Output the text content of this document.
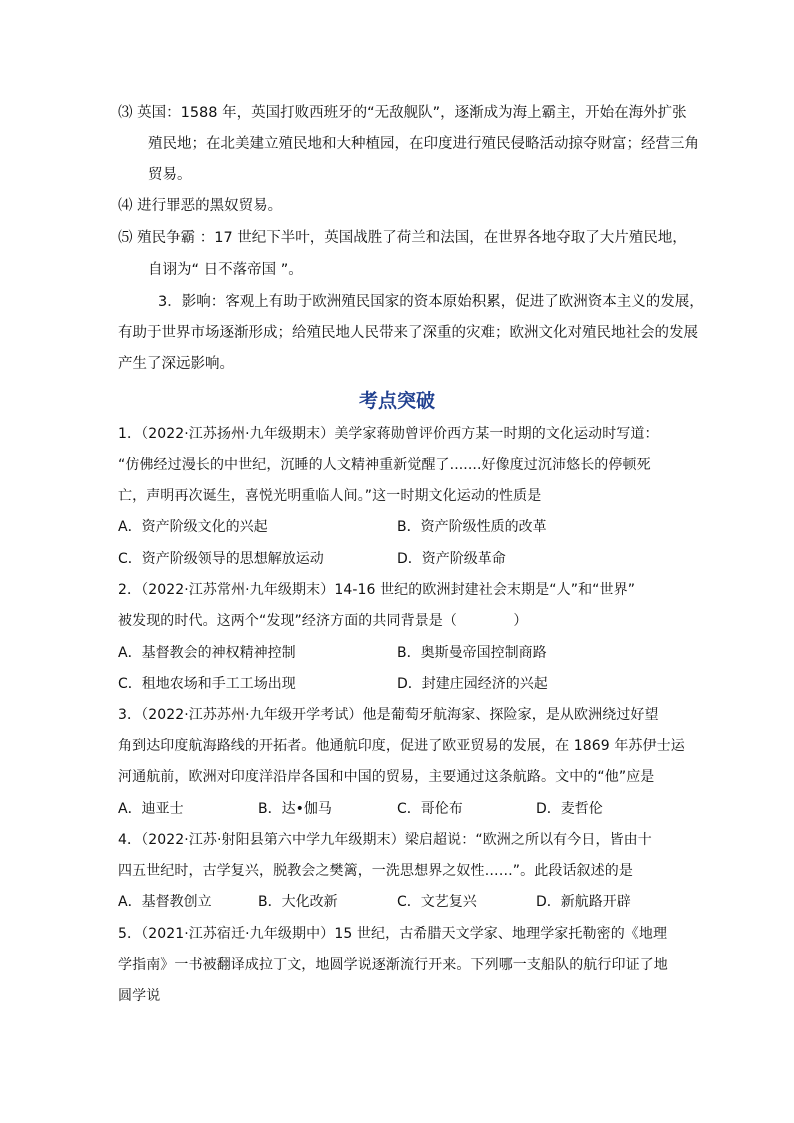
⑶ 英国：1588 年，英国打败西班牙的“无敌舰队”，逐渐成为海上霸主，开始在海外扩张
殖民地；在北美建立殖民地和大种植园，在印度进行殖民侵略活动掠夺财富；经营三角
贸易。
⑷ 进行罪恶的黑奴贸易。
⑸ 殖民争霸 ：17 世纪下半叶，英国战胜了荷兰和法国，在世界各地夺取了大片殖民地，
自诩为“ 日不落帝国 ”。
3．影响：客观上有助于欧洲殖民国家的资本原始积累，促进了欧洲资本主义的发展，
有助于世界市场逐渐形成；给殖民地人民带来了深重的灾难；欧洲文化对殖民地社会的发展
产生了深远影响。
考点突破
1．（2022·江苏扬州·九年级期末）美学家蒋勋曾评价西方某一时期的文化运动时写道：
“仿佛经过漫长的中世纪，沉睡的人文精神重新觉醒了.......好像度过沉沛悠长的停顿死
亡，声明再次诞生，喜悦光明重临人间。”这一时期文化运动的性质是
A．资产阶级文化的兴起	B．资产阶级性质的改革
C．资产阶级领导的思想解放运动	D．资产阶级革命
2．（2022·江苏常州·九年级期末）14-16 世纪的欧洲封建社会末期是“人”和“世界”
被发现的时代。这两个“发现”经济方面的共同背景是（　　　　）
A．基督教会的神权精神控制	B．奥斯曼帝国控制商路
C．租地农场和手工工场出现	D．封建庄园经济的兴起
3．（2022·江苏苏州·九年级开学考试）他是葡萄牙航海家、探险家，是从欧洲绕过好望
角到达印度航海路线的开拓者。他通航印度，促进了欧亚贸易的发展，在 1869 年苏伊士运
河通航前，欧洲对印度洋沿岸各国和中国的贸易，主要通过这条航路。文中的“他”应是
A．迪亚士	B．达•伽马	C．哥伦布	D．麦哲伦
4．（2022·江苏·射阳县第六中学九年级期末）梁启超说：“欧洲之所以有今日，皆由十
四五世纪时，古学复兴，脱教会之樊篱，一洗思想界之奴性……”。此段话叙述的是
A．基督教创立	B．大化改新	C．文艺复兴	D．新航路开辟
5．（2021·江苏宿迁·九年级期中）15 世纪，古希腊天文学家、地理学家托勒密的《地理
学指南》一书被翻译成拉丁文，地圆学说逐渐流行开来。下列哪一支船队的航行印证了地
圆学说
